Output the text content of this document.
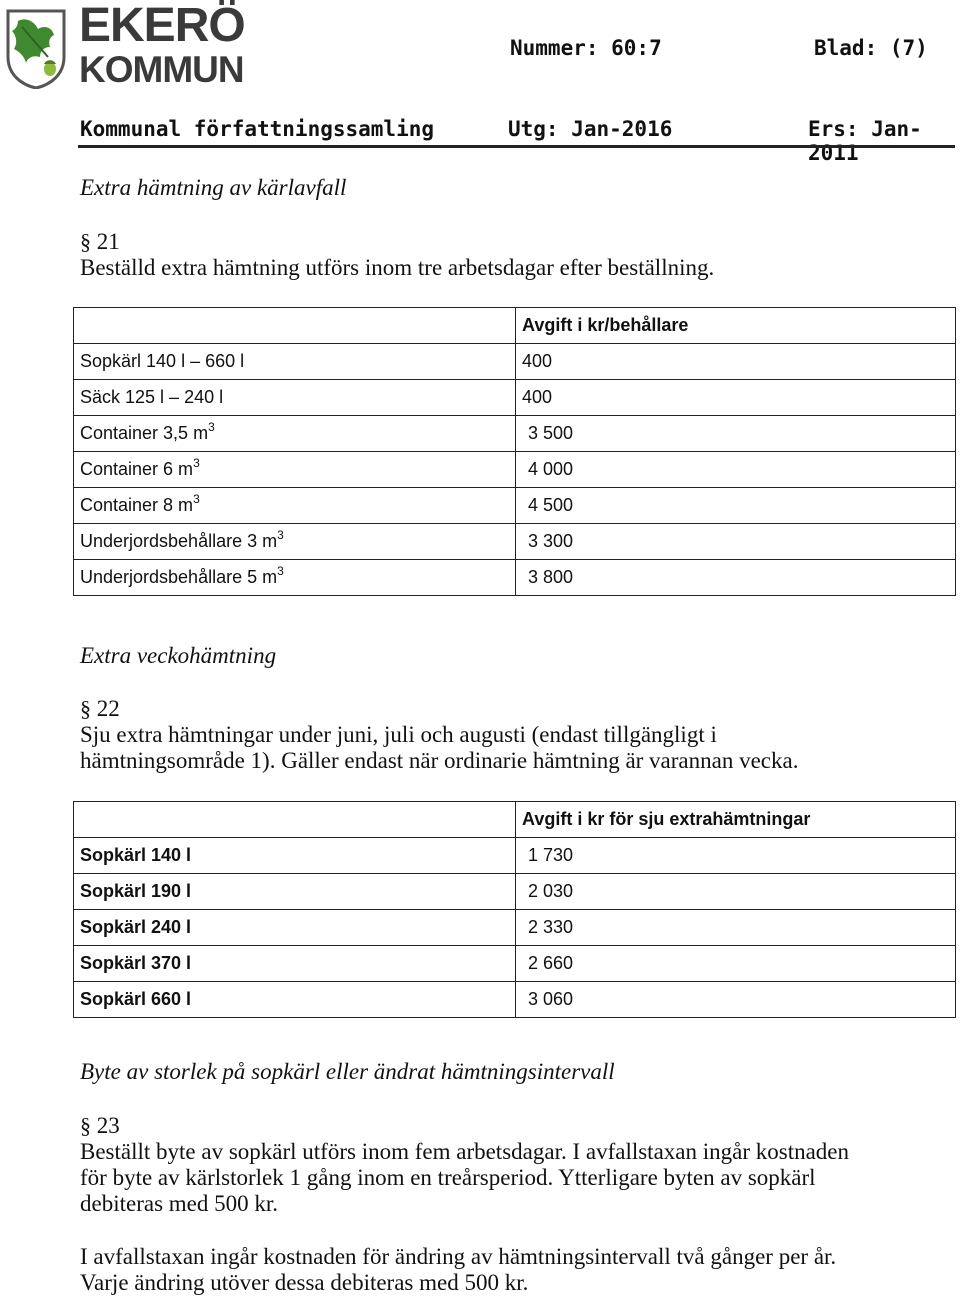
EKERÖ
KOMMUN
Nummer: 60:7	Blad: (7)
Kommunal författningssamling	Utg: Jan-2016	Ers: Jan-2011
Extra hämtning av kärlavfall
§ 21
Beställd extra hämtning utförs inom tre arbetsdagar efter beställning.
	Avgift i kr/behållare
Sopkärl 140 l – 660 l	400
Säck 125 l – 240 l	400
Container 3,5 $m^3$	3 500
Container 6 $m^3$	4 000
Container 8 $m^3$	4 500
Underjordsbehållare 3 $m^3$	3 300
Underjordsbehållare 5 $m^3$	3 800
Extra veckohämtning
§ 22
Sju extra hämtningar under juni, juli och augusti (endast tillgängligt i
hämtningsområde 1). Gäller endast när ordinarie hämtning är varannan vecka.
	Avgift i kr för sju extrahämtningar
Sopkärl 140 l	1 730
Sopkärl 190 l	2 030
Sopkärl 240 l	2 330
Sopkärl 370 l	2 660
Sopkärl 660 l	3 060
Byte av storlek på sopkärl eller ändrat hämtningsintervall
§ 23
Beställt byte av sopkärl utförs inom fem arbetsdagar. I avfallstaxan ingår kostnaden
för byte av kärlstorlek 1 gång inom en treårsperiod. Ytterligare byten av sopkärl
debiteras med 500 kr.
I avfallstaxan ingår kostnaden för ändring av hämtningsintervall två gånger per år.
Varje ändring utöver dessa debiteras med 500 kr.
